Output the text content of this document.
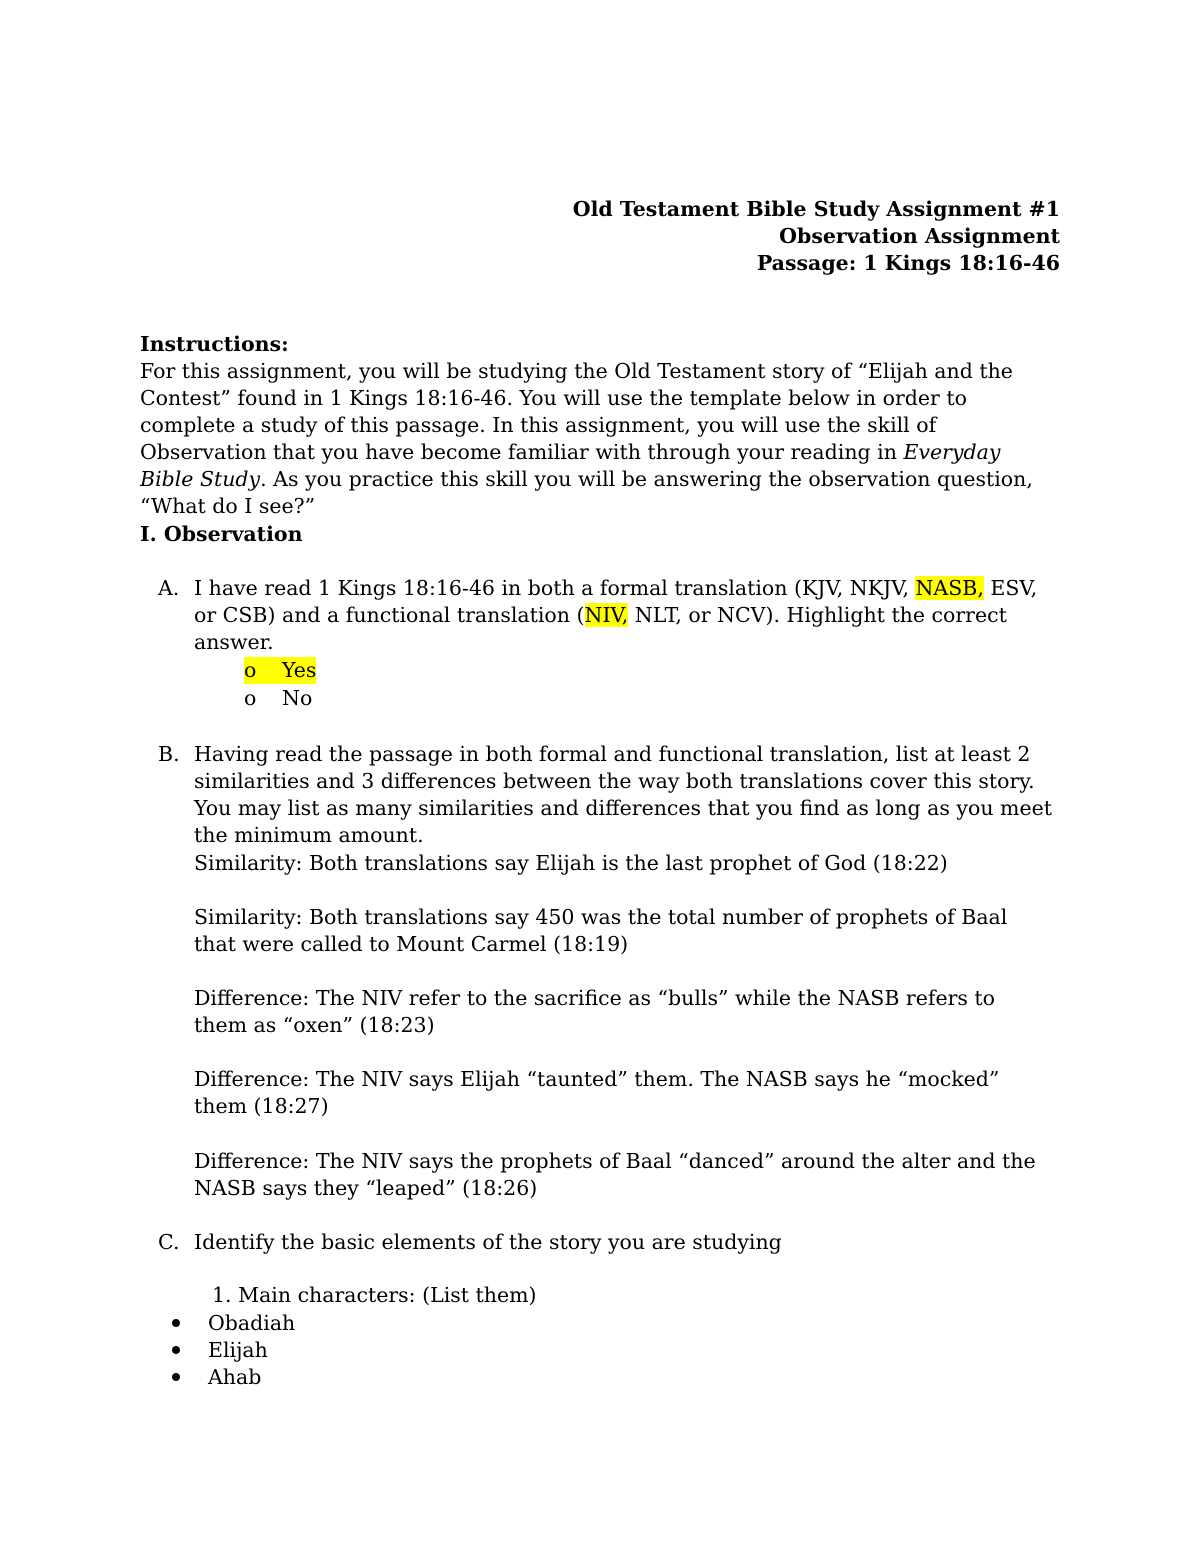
Old Testament Bible Study Assignment #1
Observation Assignment
Passage: 1 Kings 18:16-46
Instructions:

For this assignment, you will be studying the Old Testament story of “Elijah and the Contest” found in 1 Kings 18:16-46. You will use the template below in order to complete a study of this passage. In this assignment, you will use the skill of Observation that you have become familiar with through your reading in Everyday Bible Study. As you practice this skill you will be answering the observation question, “What do I see?”

I. Observation
A. I have read 1 Kings 18:16-46 in both a formal translation (KJV, NKJV, NASB, ESV, or CSB) and a functional translation (NIV, NLT, or NCV). Highlight the correct answer.

o Yes
o No
B. Having read the passage in both formal and functional translation, list at least 2 similarities and 3 differences between the way both translations cover this story. You may list as many similarities and differences that you find as long as you meet the minimum amount.

Similarity: Both translations say Elijah is the last prophet of God (18:22)

Similarity: Both translations say 450 was the total number of prophets of Baal that were called to Mount Carmel (18:19)

Difference: The NIV refer to the sacrifice as “bulls” while the NASB refers to them as “oxen” (18:23)

Difference: The NIV says Elijah “taunted” them. The NASB says he “mocked” them (18:27)

Difference: The NIV says the prophets of Baal “danced” around the alter and the NASB says they “leaped” (18:26)

C. Identify the basic elements of the story you are studying

1. Main characters: (List them)
Obadiah
Elijah
Ahab
